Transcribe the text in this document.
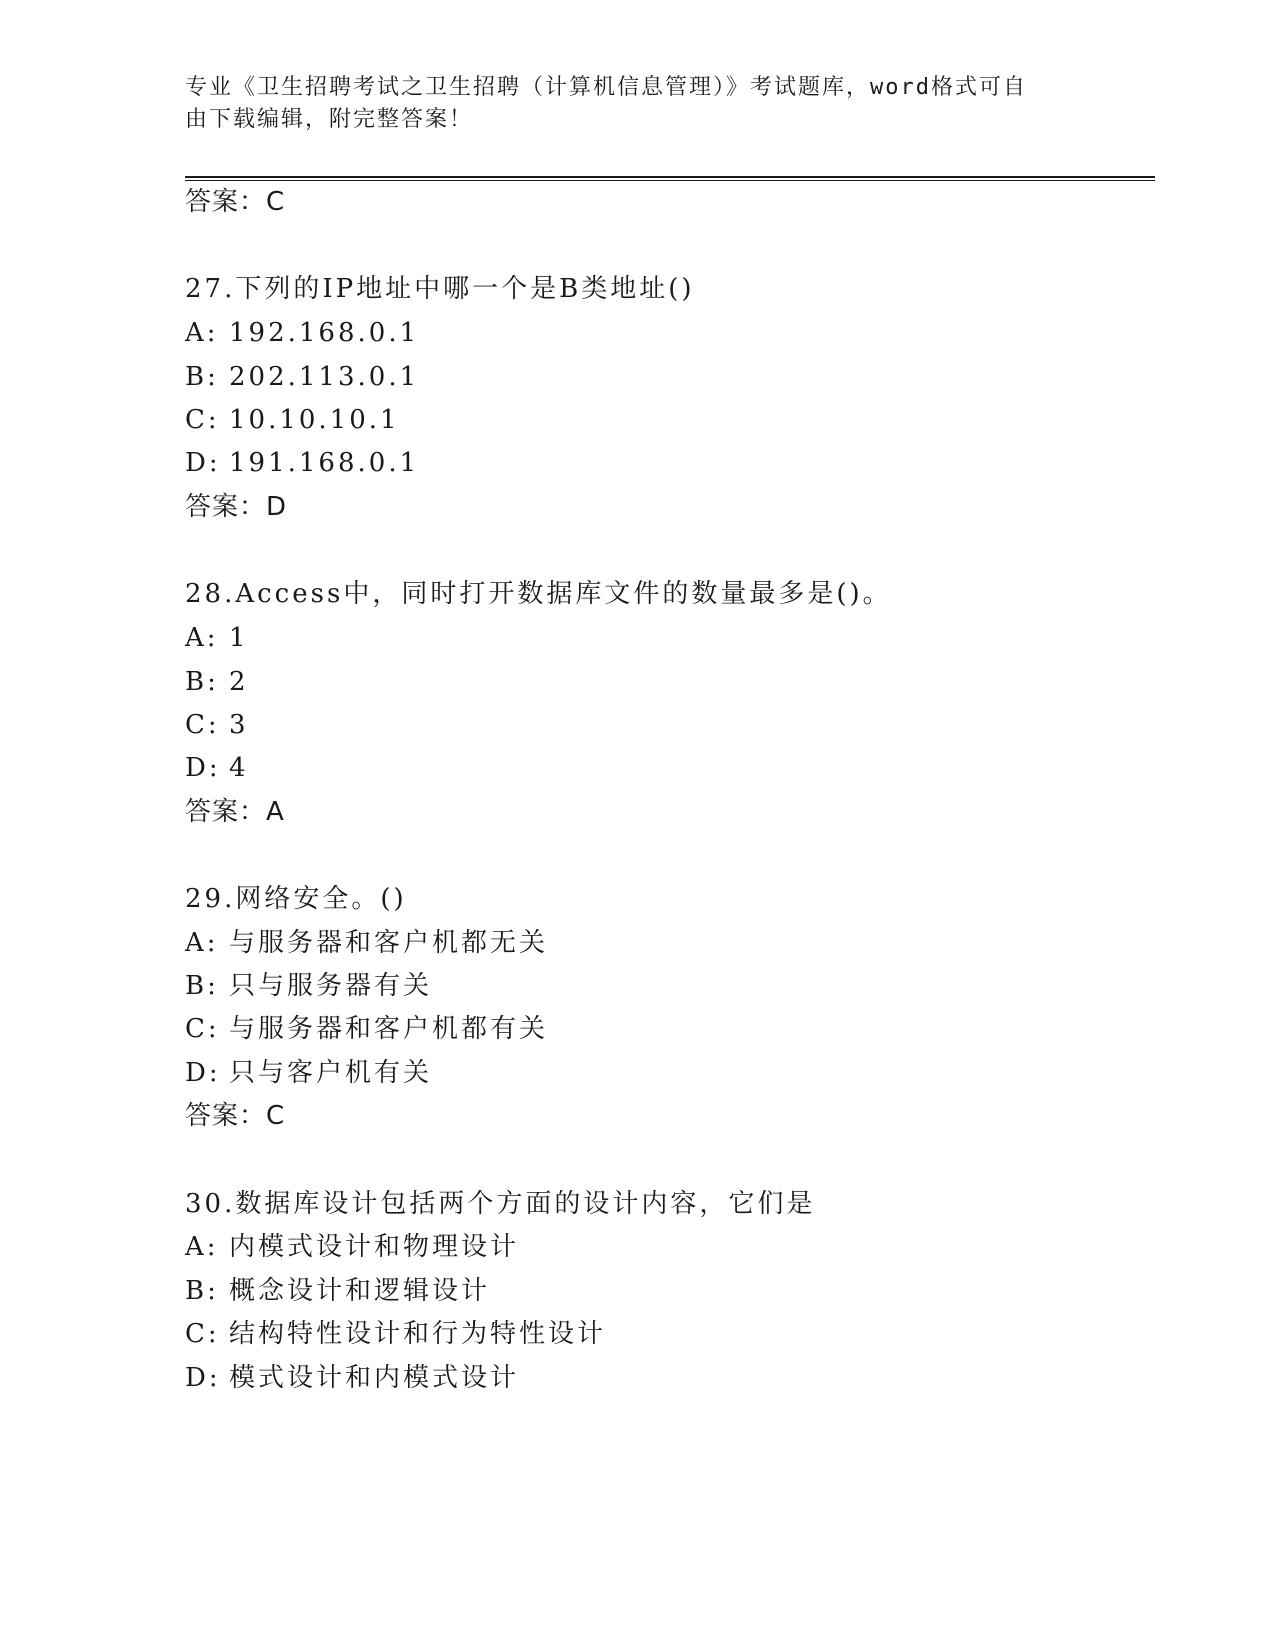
专业《卫生招聘考试之卫生招聘（计算机信息管理）》考试题库，word格式可自
由下载编辑，附完整答案！
答案：C
27.下列的IP地址中哪一个是B类地址()
A: 192.168.0.1
B: 202.113.0.1
C: 10.10.10.1
D: 191.168.0.1
答案：D
28.Access中，同时打开数据库文件的数量最多是()。
A: 1
B: 2
C: 3
D: 4
答案：A
29.网络安全。()
A: 与服务器和客户机都无关
B: 只与服务器有关
C: 与服务器和客户机都有关
D: 只与客户机有关
答案：C
30.数据库设计包括两个方面的设计内容，它们是
A: 内模式设计和物理设计
B: 概念设计和逻辑设计
C: 结构特性设计和行为特性设计
D: 模式设计和内模式设计
